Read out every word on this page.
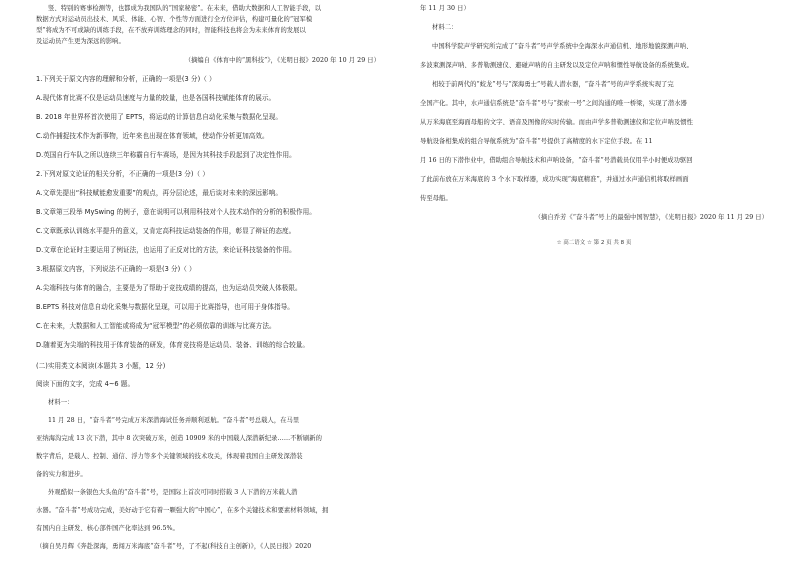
竖、特别的赛事检测等，也都成为我国队的“国家秘密”。在未来，借助大数据和人工智能手段，以
数据方式对运动员出技术、风采、体能、心智、个性等方面进行全方位评估，构建可量化的“冠军模
型”将成为不可或缺的训练手段，在不放弃训练理念的同时，智能科技也将会为未来体育的发展以
及运动员产生更为深远的影响。
（摘编自《体育中的“黑科技”》，《光明日报》2020 年 10 月 29 日）
1.下列关于原文内容的理解和分析，正确的一项是(3 分)（ ）
A.现代体育比赛不仅是运动员速度与力量的较量，也是各国科技赋能体育的展示。
B. 2018 年世界杯首次使用了 EPTS，将运动的计算信息自动化采集与数据化呈现。
C.动作捕捉技术作为新事物，近年来也出现在体育领域，使动作分析更加高效。
D.英国自行车队之所以连续三年称霸自行车赛场，是因为其科技手段起到了决定性作用。
2.下列对原文论证的相关分析，不正确的一项是(3 分)（ ）
A.文章先提出“科技赋能愈发重要”的观点，再分层论述，最后谈对未来的深远影响。
B.文章第三段举 MySwing 的例子，意在说明可以利用科技对个人技术动作的分析的积极作用。
C.文章既承认训练水平提升的意义，又肯定高科技运动装备的作用，彰显了辩证的态度。
D.文章在论证时主要运用了例证法，也运用了正反对比的方法，来论证科技装备的作用。
3.根据原文内容，下列说法不正确的一项是(3 分)（ ）
A.尖端科技与体育的融合，主要是为了帮助于竞技成绩的提高，也为运动员突破人体极限。
B.EPTS 科技对信息自动化采集与数据化呈现，可以用于比赛指导，也可用于身体指导。
C.在未来，大数据和人工智能或将成为“冠军模型”的必须依靠的训练与比赛方法。
D.随着更为尖端的科技用于体育装备的研发，体育竞技将是运动员、装备、训练的综合较量。
(二)实用类文本阅读(本题共 3 小题，12 分)
阅读下面的文字，完成 4~6 题。
材料一：
11 月 28 日，“奋斗者”号完成万米深潜海试任务并顺利返航。“奋斗者”号总载人，在马里
亚纳海沟完成 13 次下潜，其中 8 次突破万米，创造 10909 米的中国载人深潜新纪录……不断刷新的
数字背后，是载人、控制、通信、浮力等多个关键领域的技术攻关，体现着我国自主研发深潜装
备的实力和进步。
外观酷似一条银色大头鱼的“奋斗者”号，是国际上首次可同时搭载 3 人下潜的万米载人潜
水器。“奋斗者”号成功完成，美好动于它有着一颗强大的“中国心”，在多个关键技术和要素材料领域，拥
有国内自主研发、核心部件国产化率达到 96.5%。
（摘自吴月辉《奔赴深海，勇闯万米海底“奋斗者”号，了不起(科技自主创新)》，《人民日报》2020
年 11 月 30 日）
材料二：
中国科学院声学研究所完成了“奋斗者”号声学系统中全海深水声通信机、地形地貌探测声呐、
多波束测深声呐、多普勒测速仪、避碰声呐的自主研发以及定位声呐和惯性导航设备的系统集成。
相较于前两代的“蛟龙”号与“深海勇士”号载人潜水器，“奋斗者”号的声学系统实现了完
全国产化。其中，水声通信系统是“奋斗者”号与“探索一号”之间沟通的唯一桥梁，实现了潜水器
从万米海底至海面母船的文字、语音及图像的实时传输。而由声学多普勒测速仪和定位声呐及惯性
导航设备相集成的组合导航系统为“奋斗者”号提供了高精度的水下定位手段。在 11
月 16 日的下潜作业中，借助组合导航技术和声呐设备，“奋斗者”号潜载员仅用半小时便成功驱回
了此前布放在万米海底的 3 个水下取样器，成功实现“海底精准”，并通过水声通信机将取样画面
传至母船。
（摘自乔芳《“奋斗者”号上的最强中国智慧》，《光明日报》2020 年 11 月 29 日）
☆ 高二语文 ☆ 第 2 页 共 8 页
